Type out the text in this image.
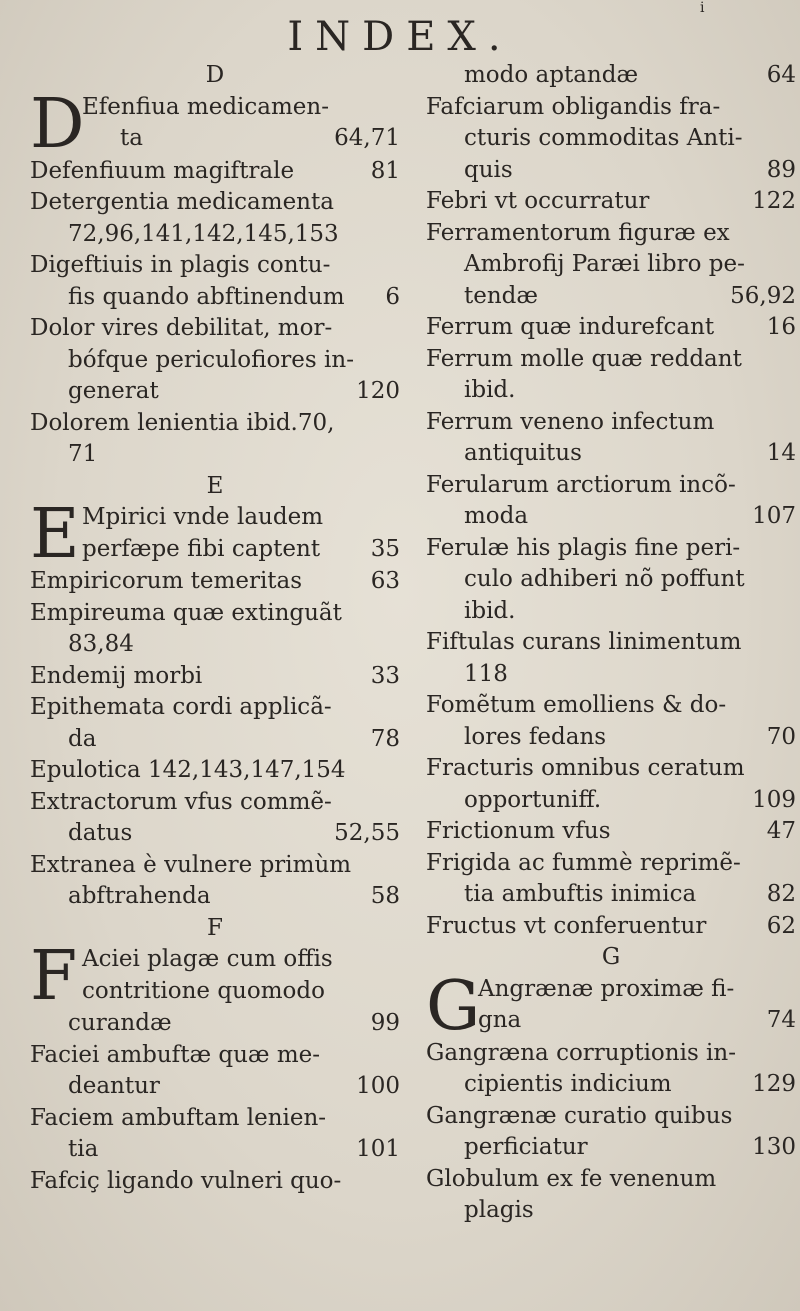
i
INDEX.
D
D
Efenfiua medicamen-
ta	64,71
Defenfiuum magiftrale	81
Detergentia medicamenta
72,96,141,142,145,153
Digeftiuis in plagis contu-
fis quando abftinendum 6
Dolor vires debilitat, mor-
bófque periculofiores in-
generat	120
Dolorem lenientia ibid.70,
71
E
E Mpirici vnde laudem
perfæpe fibi captent 35
Empiricorum temeritas	63
Empireuma quæ extinguãt
83,84
Endemij morbi	33
Epithemata cordi applicã-
da	78
Epulotica 142,143,147,154
Extractorum vfus commẽ-
datus	52,55
Extranea è vulnere primùm
abftrahenda	58
F
F Aciei plagæ cum offis
contritione quomodo
curandæ	99
Faciei ambuftæ quæ me-
deantur	100
Faciem ambuftam lenien-
tia	101
Fafciç ligando vulneri quo-
modo aptandæ	64
Fafciarum obligandis fra-
cturis commoditas Anti-
quis	89
Febri vt occurratur	122
Ferramentorum figuræ ex
Ambrofij Paræi libro pe-
tendæ	56,92
Ferrum quæ indurefcant 16
Ferrum molle quæ reddant
ibid.
Ferrum veneno infectum
antiquitus	14
Ferularum arctiorum incõ-
moda	107
Ferulæ his plagis fine peri-
culo adhiberi nõ poffunt
ibid.
Fiftulas curans linimentum
118
Fomẽtum emolliens & do-
lores fedans	70
Fracturis omnibus ceratum
opportuniff.	109
Frictionum vfus	47
Frigida ac fummè reprimẽ-
tia ambuftis inimica	82
Fructus vt conferuentur	62
G
G
Angrænæ proximæ fi-
gna	74
Gangræna corruptionis in-
cipientis indicium	129
Gangrænæ curatio quibus
perficiatur	130
Globulum ex fe venenum
plagis
